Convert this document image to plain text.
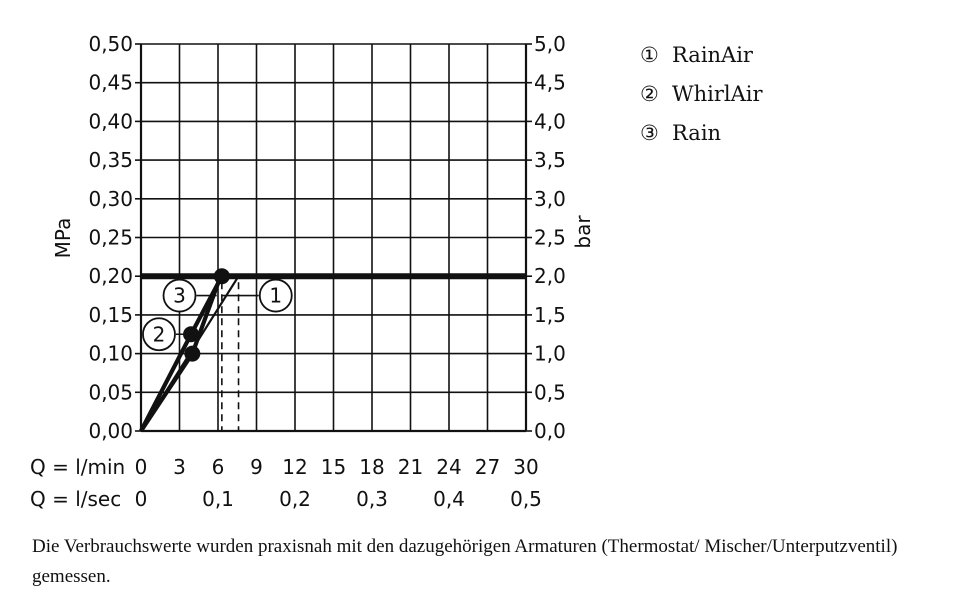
0,00	0,0
0,05	0,5
0,10	1,0
0,15	1,5
0,20	2,0
0,25	2,5
0,30	3,0
0,35	3,5
0,40	4,0
0,45	4,5
0,50	5,0
0 3 6 9 12 15 18 21 24 27 30
0	0,1 0,2 0,3 0,4 0,5
1
2
3
MPa	bar
Q = l/min
Q = l/sec
① RainAir
② WhirlAir
③ Rain
Die Verbrauchswerte wurden praxisnah mit den dazugehörigen Armaturen (Thermostat/ Mischer/Unterputzventil) gemessen.
